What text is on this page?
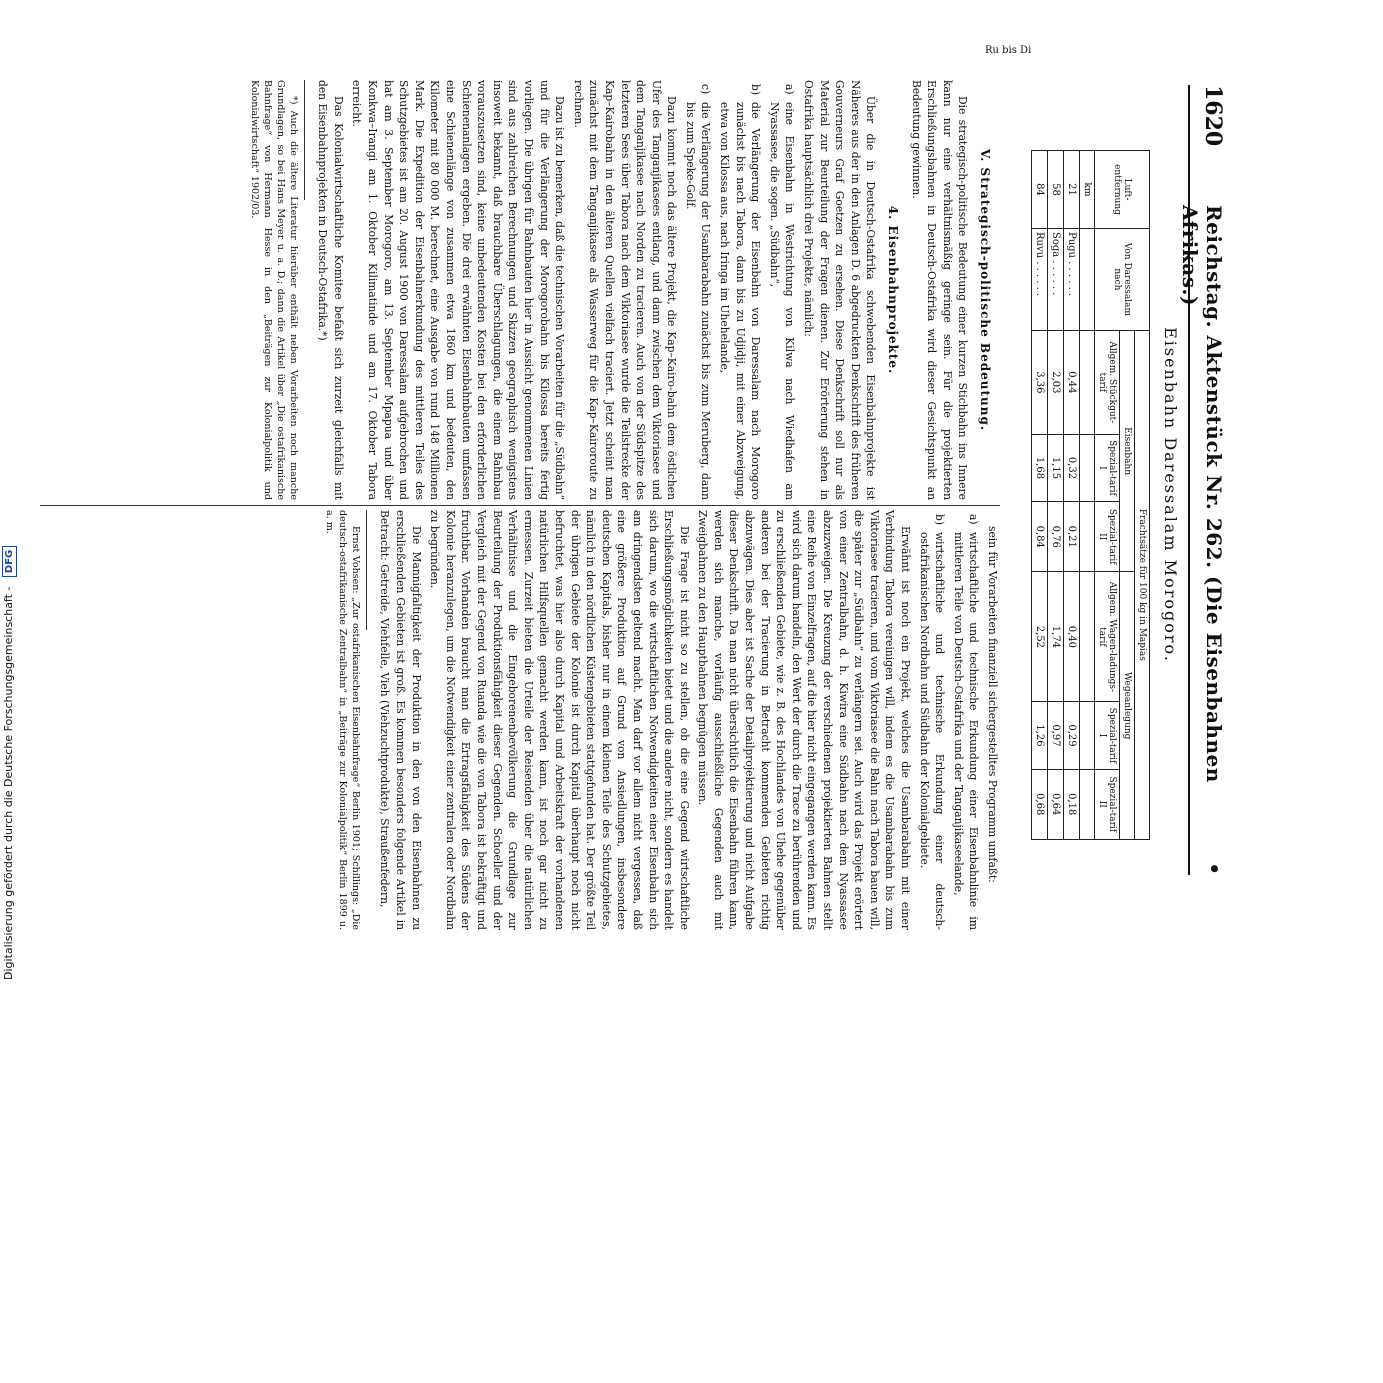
1620
Reichstag. Aktenstück Nr. 262. (Die Eisenbahnen Afrikas.)
•
Eisenbahn Daressalam Morogoro.
Luft-entfernung	Von Daressalam nach	Frachtsätze für 100 kg in Mapias					
		Eisenbahn			Wegeanlegung		
		Allgem. Stückgut-tarif	Spezial-tarif I	Spezial-tarif II	Allgem. Wagen-ladungs-tarif	Spezial-tarif I	Spezial-tarif II
km							
21	Pugu . . . . . .	0,44	0,32	0,21	0,40	0,29	0,18
58	Soga . . . . . .	2,03	1,15	0,76	1,74	0,97	0,64
84	Ruvu . . . . . .	3,36	1,68	0,84	2,52	1,26	0,68
Ru bis Di
V. Strategisch-politische Bedeutung.

Die strategisch-politische Bedeutung einer kurzen Stichbahn ins Innere kann nur eine verhältnismäßig geringe sein. Für die projektierten Erschließungsbahnen in Deutsch-Ostafrika wird dieser Gesichtspunkt an Bedeutung gewinnen.

4. Eisenbahnprojekte.

Über die in Deutsch-Ostafrika schwebenden Eisenbahnprojekte ist Näheres aus der in den Anlagen D. 6 abgedruckten Denkschrift des früheren Gouverneurs Graf Goetzen zu ersehen. Diese Denkschrift soll nur als Material zur Beurteilung der Fragen dienen. Zur Erörterung stehen in Ostafrika hauptsächlich drei Projekte, nämlich:

a)
eine Eisenbahn in Westrichtung von Kilwa nach Wiedhafen am Nyassasee, die sogen. „Südbahn“,

b)
die Verlängerung der Eisenbahn von Daressalam nach Morogoro zunächst bis nach Tabora, dann bis zu Udjidji, mit einer Abzweigung, etwa von Kilossa aus, nach Iringa im Uhehelande,

c)
die Verlängerung der Usambarabahn zunächst bis zum Meruberg, dann bis zum Speke-Golf.

Dazu kommt noch das ältere Projekt, die Kap–Kairo-bahn dem östlichen Ufer des Tanganjikasees entlang, und dann zwischen dem Viktoriasee und dem Tanganjikasee nach Norden zu tracieren. Auch von der Südspitze des letzteren Sees über Tabora nach dem Viktoriasee wurde die Teilstrecke der Kap–Kairobahn in den älteren Quellen vielfach traciert. Jetzt scheint man zunächst mit dem Tanganjikasee als Wasserweg für die Kap–Kairoroute zu rechnen.

Dazu ist zu bemerken, daß die technischen Vorarbeiten für die „Südbahn“ und für die Verlängerung der Morogorobahn bis Kilossa bereits fertig vorliegen. Die übrigen für Bahnbauten hier in Aussicht genommenen Linien sind aus zahlreichen Berechnungen und Skizzen geographisch wenigstens insoweit bekannt, daß brauchbare Überschlagungen, die einem Bahnbau vorauszusetzen sind, keine unbedeutenden Kosten bei den erforderlichen Schienenanlagen ergeben. Die drei erwähnten Eisenbahnbauten umfassen eine Schienenlänge von zusammen etwa 1860 km und bedeuten, den Kilometer mit 80 000 M. berechnet, eine Ausgabe von rund 148 Millionen Mark. Die Expedition der Eisenbahnerkundung des mittleren Teiles des Schutzgebietes ist am 20. August 1900 von Daressalam aufgebrochen und hat am 3. September Morogoro, am 13. September Mpapua und über Konkwa–Irangi am 1. Oktober Kilimatinde und am 17. Oktober Tabora erreicht.

Das Kolonialwirtschaftliche Komitee befaßt sich zurzeit gleichfalls mit den Eisenbahnprojekten in Deutsch-Ostafrika.*)

*) Auch die ältere Literatur hierüber enthält neben Vorarbeiten noch manche Grundlagen, so bei Hans Meyer u. a. D.; dann die Artikel über „Die ostafrikanische Bahnfrage“ von Hermann Hesse in den „Beiträgen zur Kolonialpolitik und Kolonialwirtschaft“ 1902/03.

sein für Vorarbeiten finanziell sichergestelltes Programm umfaßt:

a)
wirtschaftliche und technische Erkundung einer Eisenbahnlinie im mittleren Teile von Deutsch-Ostafrika und der Tanganjikaseelande,

b)
wirtschaftliche und technische Erkundung einer deutsch-ostafrikanischen Nordbahn und Südbahn der Kolonialgebiete.

Erwähnt ist noch ein Projekt, welches die Usambarabahn mit einer Verbindung Tabora vereinigen will, indem es die Usambarabahn bis zum Viktoriasee tracieren, und vom Viktoriasee die Bahn nach Tabora bauen will, die später zur „Südbahn“ zu verlängern sei. Auch wird das Projekt erörtert von einer Zentralbahn, d. h. Kiwira eine Südbahn nach dem Nyassasee abzuzweigen. Die Kreuzung der verschiedenen projektierten Bahnen stellt eine Reihe von Einzelfragen, auf die hier nicht eingegangen werden kann. Es wird sich darum handeln, den Wert der durch die Trace zu berührenden und zu erschließenden Gebiete, wie z. B. des Hochlandes von Uhehe gegenüber anderen bei der Tracierung in Betracht kommenden Gebieten richtig abzuwägen. Dies aber ist Sache der Detailprojektierung und nicht Aufgabe dieser Denkschrift. Da man nicht übersichtlich die Eisenbahn führen kann, werden sich manche, vorläufig ausschließliche Gegenden auch mit Zweigbahnen zu den Hauptbahnen begnügen müssen.

Die Frage ist nicht so zu stellen, ob die eine Gegend wirtschaftliche Erschließungsmöglichkeiten bietet und die andere nicht, sondern es handelt sich darum, wo die wirtschaftlichen Notwendigkeiten einer Eisenbahn sich am dringendsten geltend macht. Man darf vor allem nicht vergessen, daß eine größere Produktion auf Grund von Ansiedlungen, insbesondere deutschen Kapitals, bisher nur in einem kleinen Teile des Schutzgebietes, nämlich in den nördlichen Küstengebieten stattgefunden hat. Der größte Teil der übrigen Gebiete der Kolonie ist durch Kapital überhaupt noch nicht befruchtet, was hier also durch Kapital und Arbeitskraft der vorhandenen natürlichen Hilfsquellen gemacht werden kann, ist noch gar nicht zu ermessen. Zurzeit bieten die Urteile der Reisenden über die natürlichen Verhältnisse und die Eingeborenenbevölkerung die Grundlage zur Beurteilung der Produktionsfähigkeit dieser Gegenden. Schoeller und der Vergleich mit der Gegend von Ruanda wie die von Tabora ist bekräftigt und fruchtbar. Vorhanden braucht man die Ertragsfähigkeit des Südens der Kolonie heranzulegen, um die Notwendigkeit einer zentralen oder Nordbahn zu begründen.

Die Mannigfaltigkeit der Produktion in den von den Eisenbahnen zu erschließenden Gebieten ist groß. Es kommen besonders folgende Artikel in Betracht: Getreide, Viehfelle, Vieh (Viehzuchtprodukte), Straußenfedern,

Ernst Vohsen: „Zur ostafrikanischen Eisenbahnfrage“ Berlin 1901; Schillings: „Die deutsch-ostafrikanische Zentralbahn“ in „Beiträge zur Kolonialpolitik“ Berlin 1899 u. a. m.

Digitalisierung gefördert durch die Deutsche Forschungsgemeinschaft - DFG
